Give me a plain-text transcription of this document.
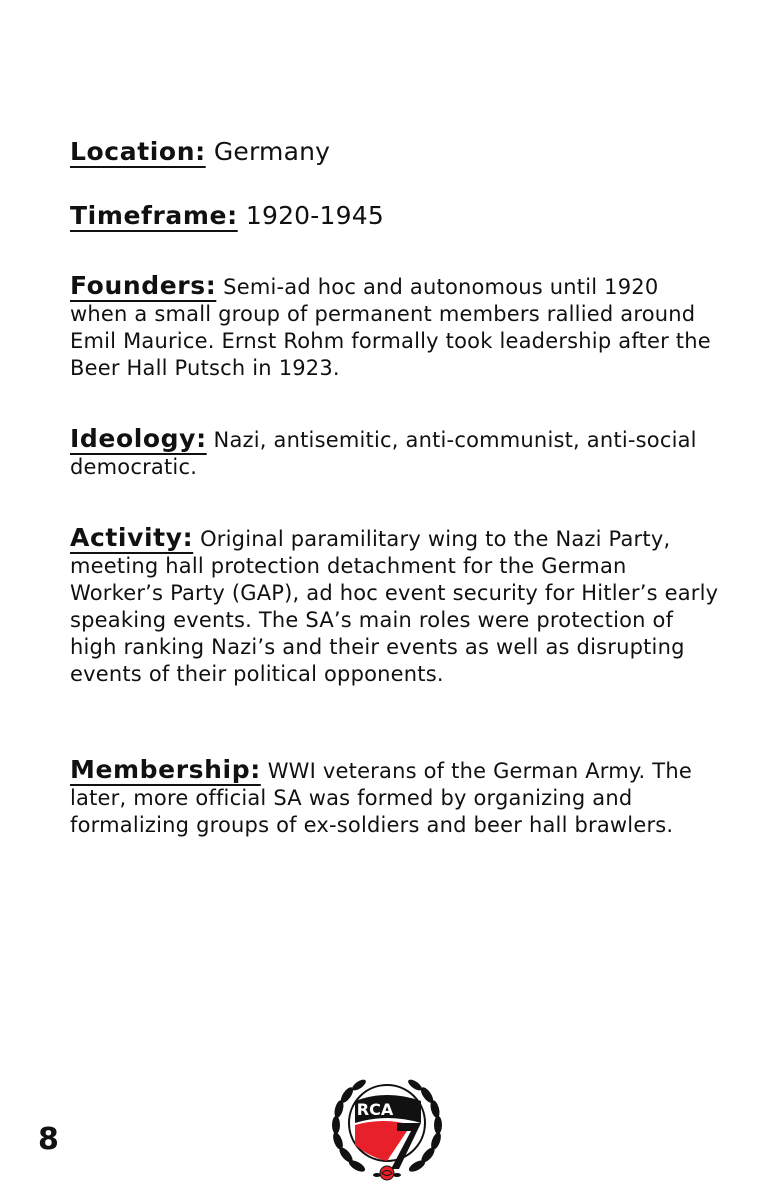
Location: Germany
Timeframe: 1920-1945
Founders: Semi-ad hoc and autonomous until 1920 when a small group of permanent members rallied around Emil Maurice. Ernst Rohm formally took leadership after the Beer Hall Putsch in 1923.
Ideology: Nazi, antisemitic, anti-communist, anti-social democratic.
Activity: Original paramilitary wing to the Nazi Party, meeting hall protection detachment for the German Worker’s Party (GAP), ad hoc event security for Hitler’s early speaking events. The SA’s main roles were protection of high ranking Nazi’s and their events as well as disrupting events of their political opponents.
Membership: WWI veterans of the German Army. The later, more official SA was formed by organizing and formalizing groups of ex-soldiers and beer hall brawlers.
8
RCA
